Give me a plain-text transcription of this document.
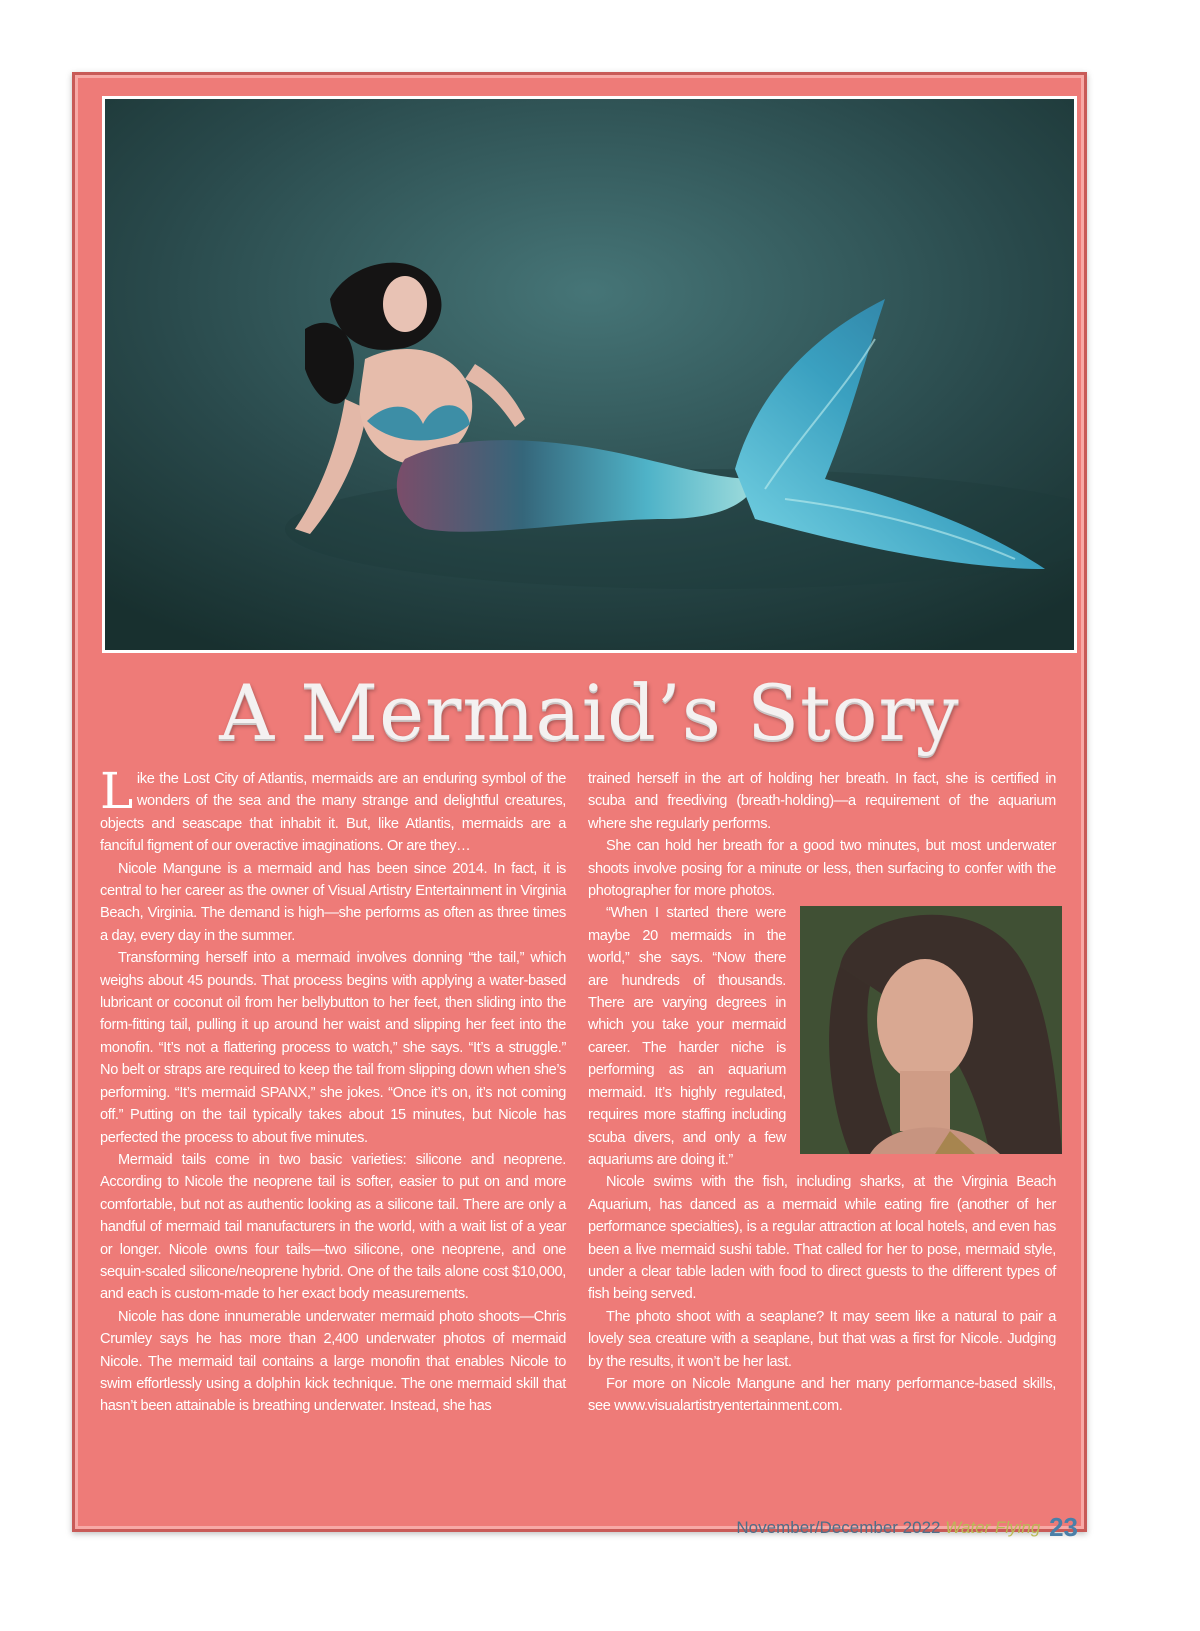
A Mermaid’s Story

Like the Lost City of Atlantis, mermaids are an enduring symbol of the wonders of the sea and the many strange and delightful creatures, objects and seascape that inhabit it. But, like Atlantis, mermaids are a fanciful figment of our overactive imaginations. Or are they…

Nicole Mangune is a mermaid and has been since 2014. In fact, it is central to her career as the owner of Visual Artistry Entertainment in Virginia Beach, Virginia. The demand is high—she performs as often as three times a day, every day in the summer.

Transforming herself into a mermaid involves donning “the tail,” which weighs about 45 pounds. That process begins with applying a water-based lubricant or coconut oil from her bellybutton to her feet, then sliding into the form-fitting tail, pulling it up around her waist and slipping her feet into the monofin. “It’s not a flattering process to watch,” she says. “It’s a struggle.” No belt or straps are required to keep the tail from slipping down when she’s performing. “It’s mermaid SPANX,” she jokes. “Once it’s on, it’s not coming off.” Putting on the tail typically takes about 15 minutes, but Nicole has perfected the process to about five minutes.

Mermaid tails come in two basic varieties: silicone and neoprene. According to Nicole the neoprene tail is softer, easier to put on and more comfortable, but not as authentic looking as a silicone tail. There are only a handful of mermaid tail manufacturers in the world, with a wait list of a year or longer. Nicole owns four tails—two silicone, one neoprene, and one sequin-scaled silicone/neoprene hybrid. One of the tails alone cost $10,000, and each is custom-made to her exact body measurements.

Nicole has done innumerable underwater mermaid photo shoots—Chris Crumley says he has more than 2,400 underwater photos of mermaid Nicole. The mermaid tail contains a large monofin that enables Nicole to swim effortlessly using a dolphin kick technique. The one mermaid skill that hasn’t been attainable is breathing underwater. Instead, she has

trained herself in the art of holding her breath. In fact, she is certified in scuba and freediving (breath-holding)—a requirement of the aquarium where she regularly performs.

She can hold her breath for a good two minutes, but most underwater shoots involve posing for a minute or less, then surfacing to confer with the photographer for more photos.

“When I started there were maybe 20 mermaids in the world,” she says. “Now there are hundreds of thousands. There are varying degrees in which you take your mermaid career. The harder niche is performing as an aquarium mermaid. It’s highly regulated, requires more staffing including scuba divers, and only a few aquariums are doing it.”

Nicole swims with the fish, including sharks, at the Virginia Beach Aquarium, has danced as a mermaid while eating fire (another of her performance specialties), is a regular attraction at local hotels, and even has been a live mermaid sushi table. That called for her to pose, mermaid style, under a clear table laden with food to direct guests to the different types of fish being served.

The photo shoot with a seaplane? It may seem like a natural to pair a lovely sea creature with a seaplane, but that was a first for Nicole. Judging by the results, it won’t be her last.

For more on Nicole Mangune and her many performance-based skills, see www.visualartistryentertainment.com.

November/December 2022 Water Flying 23
